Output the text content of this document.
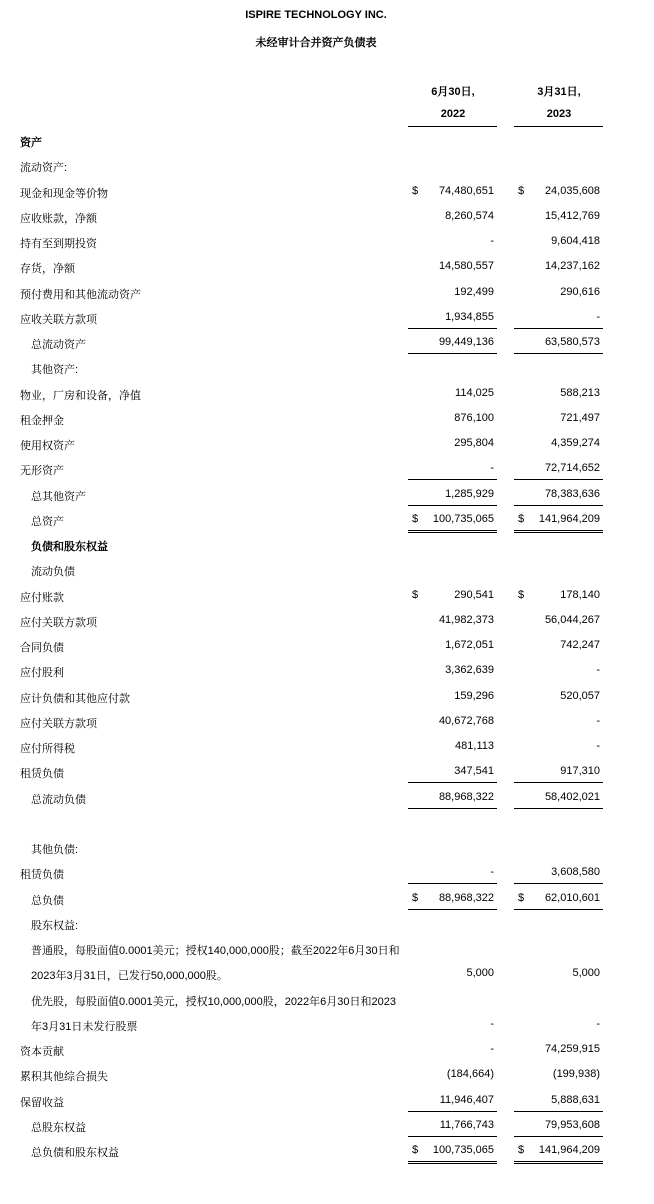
ISPIRE TECHNOLOGY INC.
未经审计合并资产负债表
6月30日,
2022
3月31日,
2023
资产
流动资产:
现金和现金等价物	$ 74,480,651 $ 24,035,608
应收账款，净额	8,260,574	15,412,769
持有至到期投资	-	9,604,418
存货，净额	14,580,557	14,237,162
预付费用和其他流动资产	192,499	290,616
应收关联方款项	1,934,855	-
总流动资产	99,449,136	63,580,573
其他资产:
物业，厂房和设备，净值	114,025	588,213
租金押金	876,100	721,497
使用权资产	295,804	4,359,274
无形资产	-	72,714,652
总其他资产	1,285,929	78,383,636
总资产	$ 100,735,065 $ 141,964,209
负债和股东权益
流动负债
应付账款	$	290,541 $	178,140
应付关联方款项	41,982,373	56,044,267
合同负债	1,672,051	742,247
应付股利	3,362,639	-
应计负债和其他应付款	159,296	520,057
应付关联方款项	40,672,768	-
应付所得税	481,113	-
租赁负债	347,541	917,310
总流动负债	88,968,322	58,402,021
其他负债:
租赁负债	-	3,608,580
总负债	$ 88,968,322 $ 62,010,601
股东权益:
普通股，每股面值0.0001美元；授权140,000,000股；截至2022年6月30日和
2023年3月31日，已发行50,000,000股。	5,000	5,000
优先股，每股面值0.0001美元，授权10,000,000股，2022年6月30日和2023
年3月31日未发行股票	-	-
资本贡献	-	74,259,915
累积其他综合损失	(184,664)	(199,938)
保留收益	11,946,407	5,888,631
总股东权益	11,766,743	79,953,608
总负债和股东权益	$ 100,735,065 $ 141,964,209
